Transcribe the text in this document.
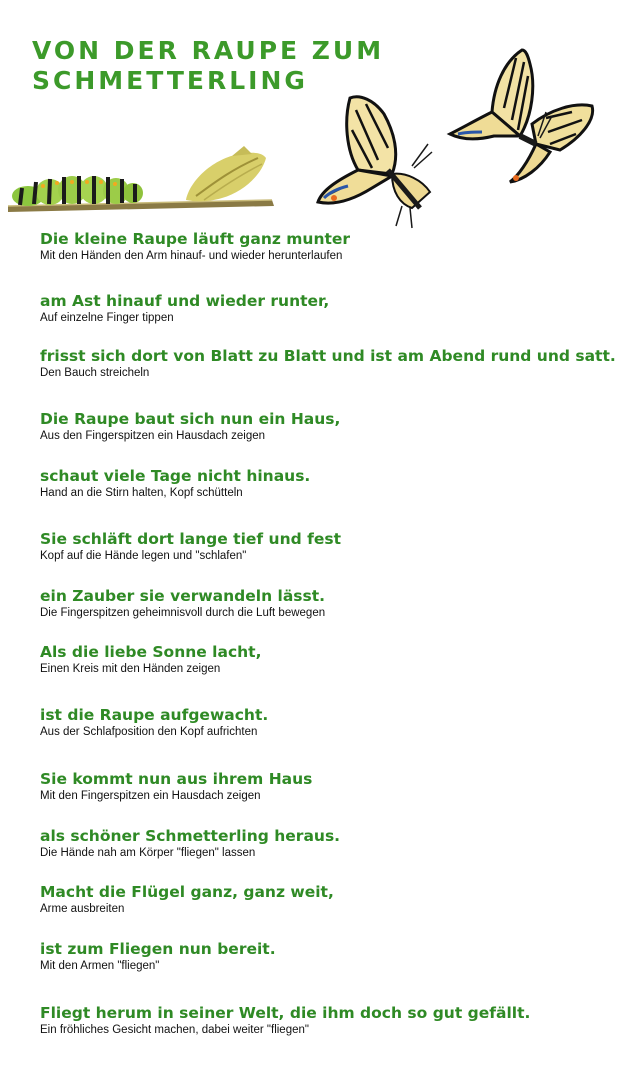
VON DER RAUPE ZUM
SCHMETTERLING

Die kleine Raupe läuft ganz munter

Mit den Händen den Arm hinauf- und wieder herunterlaufen

am Ast hinauf und wieder runter,

Auf einzelne Finger tippen

frisst sich dort von Blatt zu Blatt und ist am Abend rund und satt.

Den Bauch streicheln

Die Raupe baut sich nun ein Haus,

Aus den Fingerspitzen ein Hausdach zeigen

schaut viele Tage nicht hinaus.

Hand an die Stirn halten, Kopf schütteln

Sie schläft dort lange tief und fest

Kopf auf die Hände legen und "schlafen"

ein Zauber sie verwandeln lässt.

Die Fingerspitzen geheimnisvoll durch die Luft bewegen

Als die liebe Sonne lacht,

Einen Kreis mit den Händen zeigen

ist die Raupe aufgewacht.

Aus der Schlafposition den Kopf aufrichten

Sie kommt nun aus ihrem Haus

Mit den Fingerspitzen ein Hausdach zeigen

als schöner Schmetterling heraus.

Die Hände nah am Körper "fliegen" lassen

Macht die Flügel ganz, ganz weit,

Arme ausbreiten

ist zum Fliegen nun bereit.

Mit den Armen "fliegen"

Fliegt herum in seiner Welt, die ihm doch so gut gefällt.

Ein fröhliches Gesicht machen, dabei weiter "fliegen"
